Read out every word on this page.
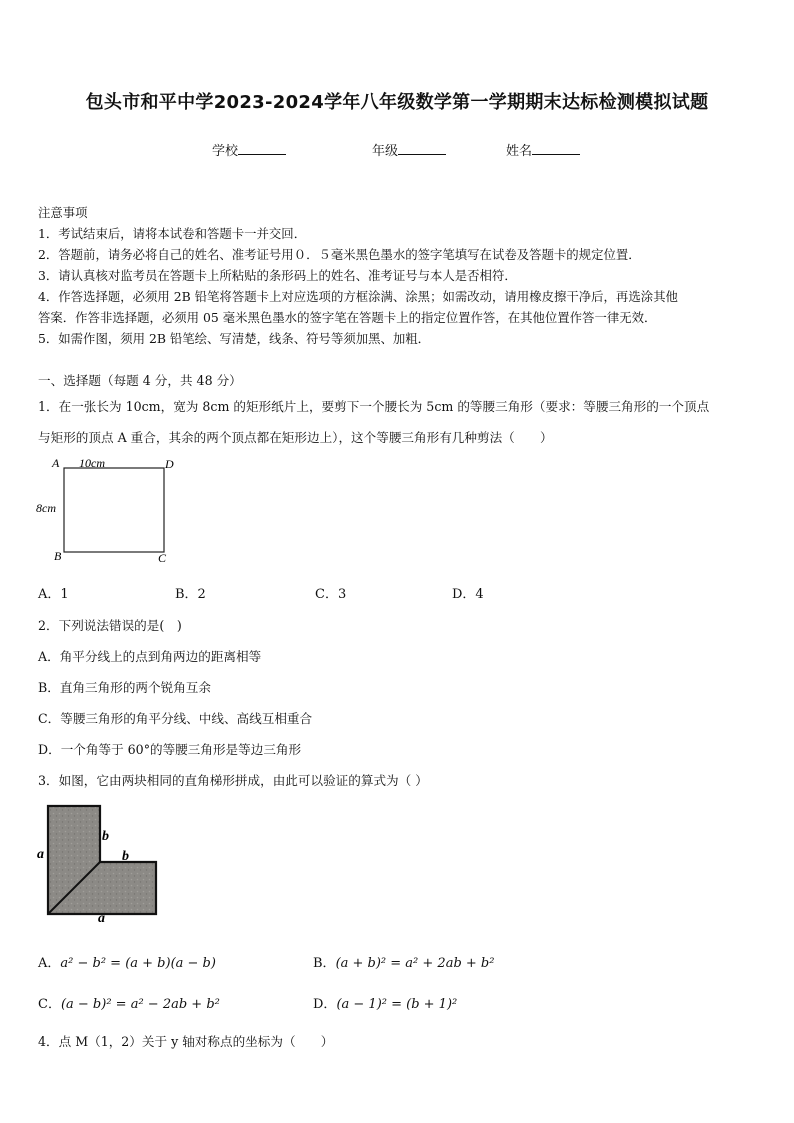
包头市和平中学2023-2024学年八年级数学第一学期期末达标检测模拟试题
学校	年级	姓名
注意事项
1．考试结束后，请将本试卷和答题卡一并交回．
2．答题前，请务必将自己的姓名、准考证号用０．５毫米黑色墨水的签字笔填写在试卷及答题卡的规定位置．
3．请认真核对监考员在答题卡上所粘贴的条形码上的姓名、准考证号与本人是否相符．
4．作答选择题，必须用 2B 铅笔将答题卡上对应选项的方框涂满、涂黑；如需改动，请用橡皮擦干净后，再选涂其他
答案．作答非选择题，必须用 05 毫米黑色墨水的签字笔在答题卡上的指定位置作答，在其他位置作答一律无效．
5．如需作图，须用 2B 铅笔绘、写清楚，线条、符号等须加黑、加粗．
一、选择题（每题 4 分，共 48 分）
1．在一张长为 10cm，宽为 8cm 的矩形纸片上，要剪下一个腰长为 5cm 的等腰三角形（要求：等腰三角形的一个顶点
与矩形的顶点 A 重合，其余的两个顶点都在矩形边上），这个等腰三角形有几种剪法（　　）
A	D
B	C
10cm
8cm
A．1	B．2	C．3	D．4
2．下列说法错误的是(　)
A．角平分线上的点到角两边的距离相等
B．直角三角形的两个锐角互余
C．等腰三角形的角平分线、中线、高线互相重合
D．一个角等于 60°的等腰三角形是等边三角形
3．如图，它由两块相同的直角梯形拼成，由此可以验证的算式为（ ）
a
b
b
a
A．a² − b² = (a + b)(a − b)	B．(a + b)² = a² + 2ab + b²
C．(a − b)² = a² − 2ab + b²	D．(a − 1)² = (b + 1)²
4．点 M（1，2）关于 y 轴对称点的坐标为（　　）
